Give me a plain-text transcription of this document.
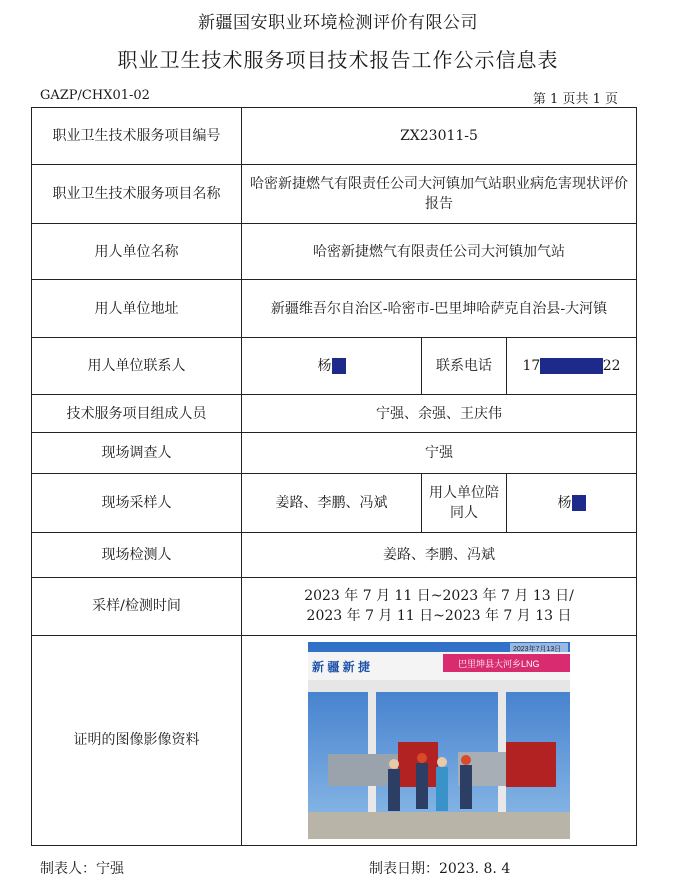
新疆国安职业环境检测评价有限公司
职业卫生技术服务项目技术报告工作公示信息表
GAZP/CHX01-02	第 1 页共 1 页
职业卫生技术服务项目编号	ZX23011-5		
职业卫生技术服务项目名称	哈密新捷燃气有限责任公司大河镇加气站职业病危害现状评价报告		
用人单位名称	哈密新捷燃气有限责任公司大河镇加气站		
用人单位地址	新疆维吾尔自治区-哈密市-巴里坤哈萨克自治县-大河镇		
用人单位联系人	杨某	联系电话	17928572622
技术服务项目组成人员	宁强、余强、王庆伟		
现场调查人	宁强		
现场采样人	姜路、李鹏、冯斌	用人单位陪同人	杨某
现场检测人	姜路、李鹏、冯斌		
采样/检测时间	2023 年 7 月 11 日~2023 年 7 月 13 日/
2023 年 7 月 11 日~2023 年 7 月 13 日		

证明的图像影像资料	新 疆 新 捷 巴里坤县大河乡LNG
2023年7月13日		
制表人：宁强	制表日期：2023. 8. 4
